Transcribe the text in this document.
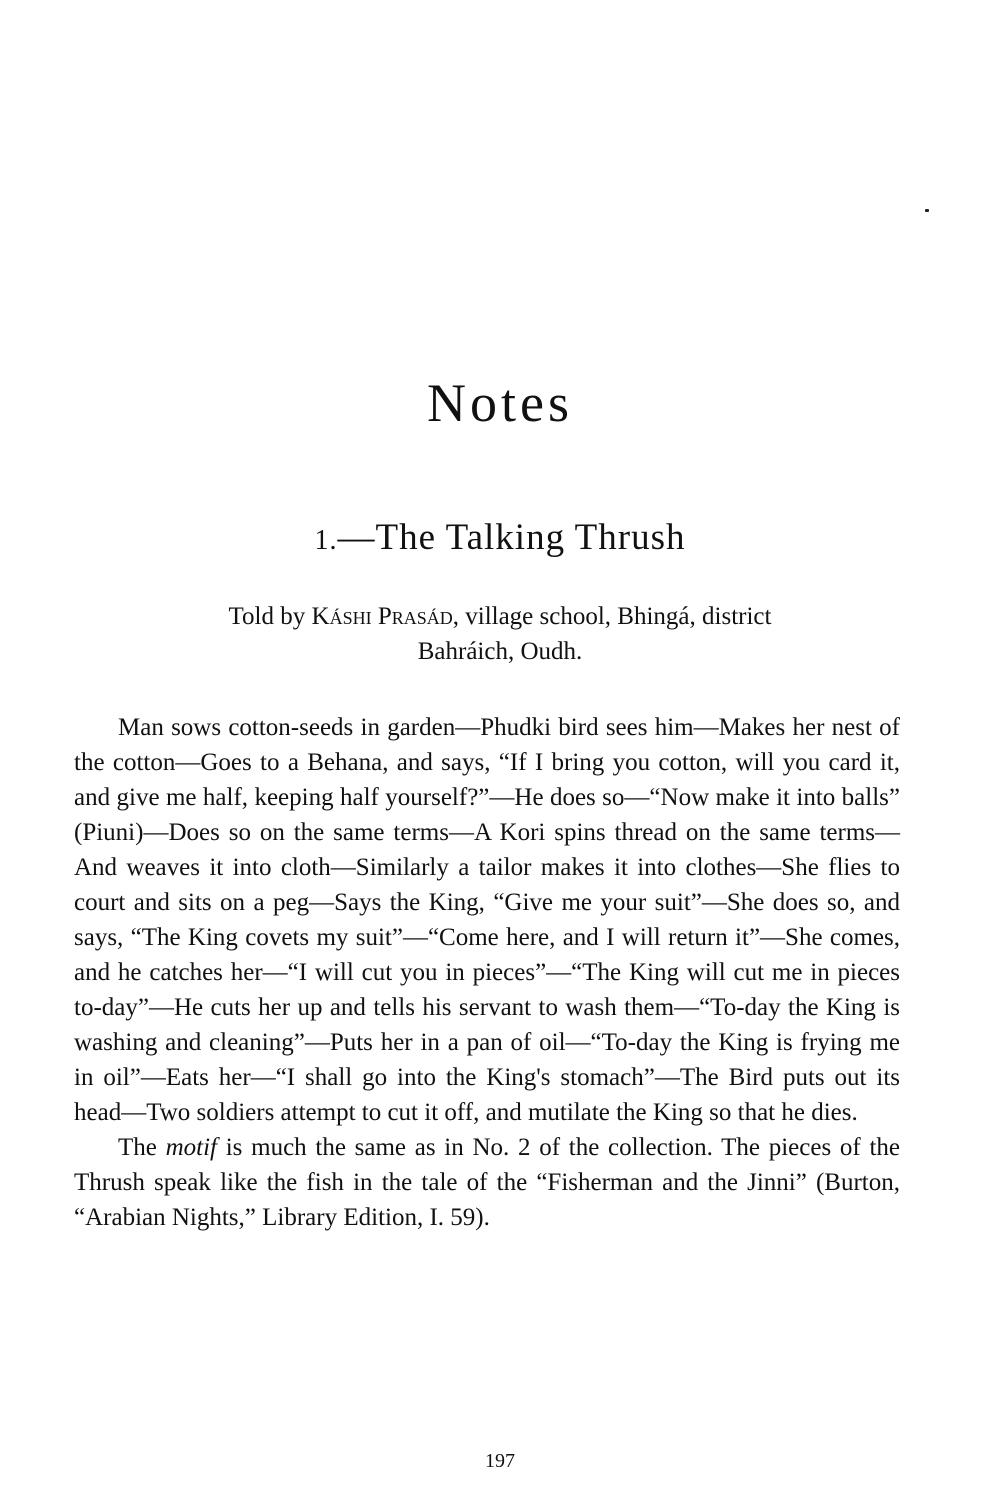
Notes
1.—The Talking Thrush
Told by Káshi Prasád, village school, Bhingá, district
Bahráich, Oudh.

Man sows cotton-seeds in garden—Phudki bird sees him—Makes her nest of the cotton—Goes to a Behana, and says, “If I bring you cotton, will you card it, and give me half, keeping half yourself?”—He does so—“Now make it into balls” (Piuni)—Does so on the same terms—A Kori spins thread on the same terms—And weaves it into cloth—Similarly a tailor makes it into clothes—She flies to court and sits on a peg—Says the King, “Give me your suit”—She does so, and says, “The King covets my suit”—“Come here, and I will return it”—She comes, and he catches her—“I will cut you in pieces”—“The King will cut me in pieces to-day”—He cuts her up and tells his servant to wash them—“To-day the King is washing and cleaning”—Puts her in a pan of oil—“To-day the King is frying me in oil”—Eats her—“I shall go into the King's stomach”—The Bird puts out its head—Two soldiers attempt to cut it off, and mutilate the King so that he dies.

The motif is much the same as in No. 2 of the collection. The pieces of the Thrush speak like the fish in the tale of the “Fisherman and the Jinni” (Burton, “Arabian Nights,” Library Edition, I. 59).

197
